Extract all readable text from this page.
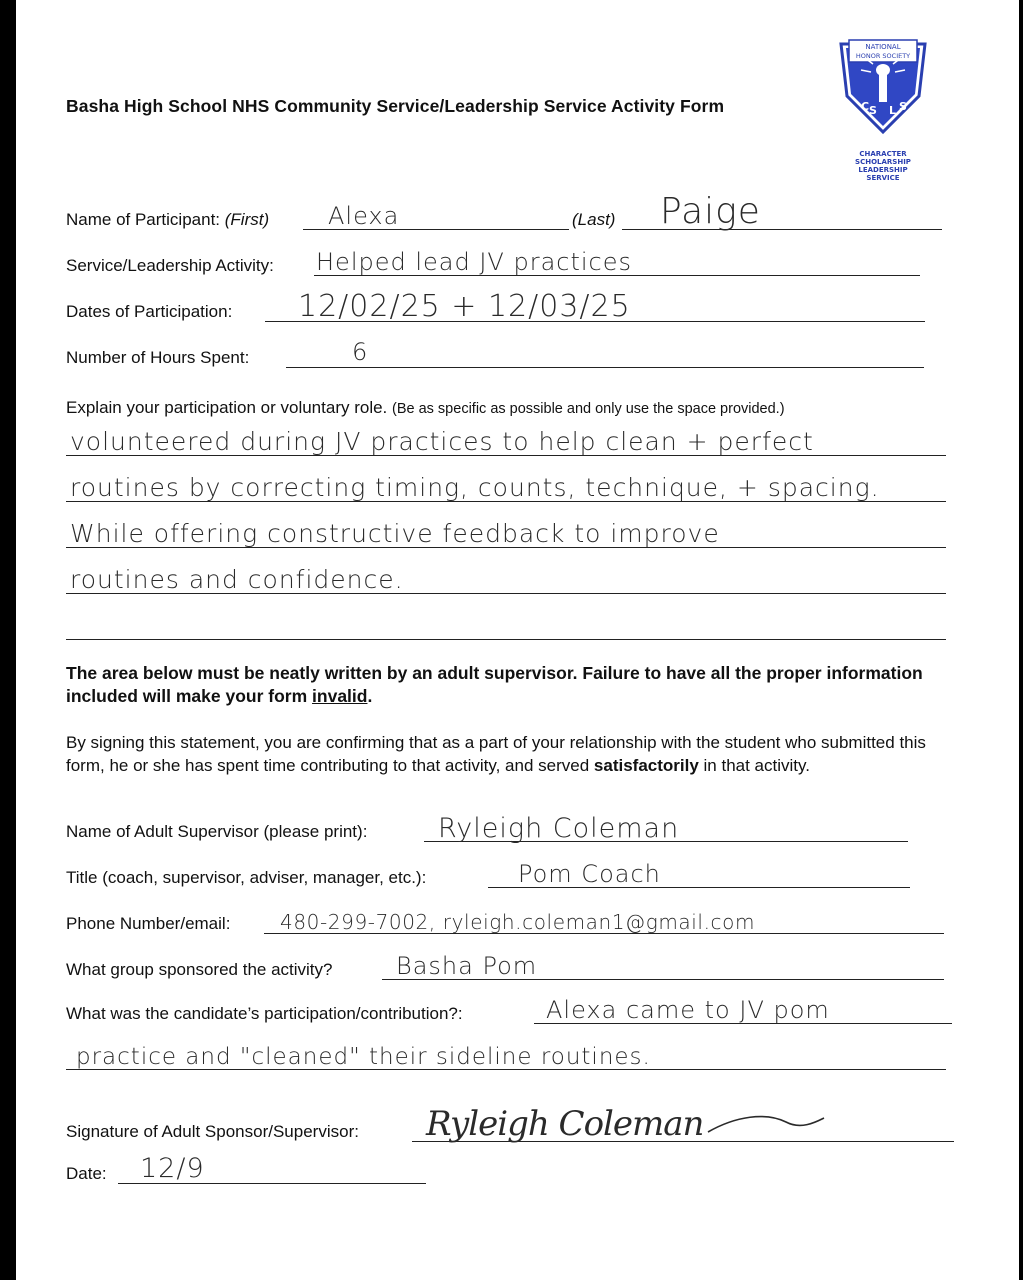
Basha High School NHS Community Service/Leadership Service Activity Form
NATIONAL
HONOR SOCIETY
C S L S
CHARACTER
SCHOLARSHIP
LEADERSHIP
SERVICE
Name of Participant: (First) Alexa	(Last) Paige
Service/Leadership Activity: Helped lead JV practices
Dates of Participation: 12/02/25 + 12/03/25
Number of Hours Spent:	6
Explain your participation or voluntary role. (Be as specific as possible and only use the space provided.)
volunteered during JV practices to help clean + perfect
routines by correcting timing, counts, technique, + spacing.
While offering constructive feedback to improve
routines and confidence.
The area below must be neatly written by an adult supervisor. Failure to have all the proper information included will make your form invalid.
By signing this statement, you are confirming that as a part of your relationship with the student who submitted this form, he or she has spent time contributing to that activity, and served satisfactorily in that activity.
Name of Adult Supervisor (please print):	Ryleigh Coleman
Title (coach, supervisor, adviser, manager, etc.):	Pom Coach
Phone Number/email: 480-299-7002, ryleigh.coleman1@gmail.com
What group sponsored the activity?	Basha Pom
What was the candidate’s participation/contribution?:	Alexa came to JV pom
practice and "cleaned" their sideline routines.
Signature of Adult Sponsor/Supervisor: Ryleigh Coleman
Date: 12/9
